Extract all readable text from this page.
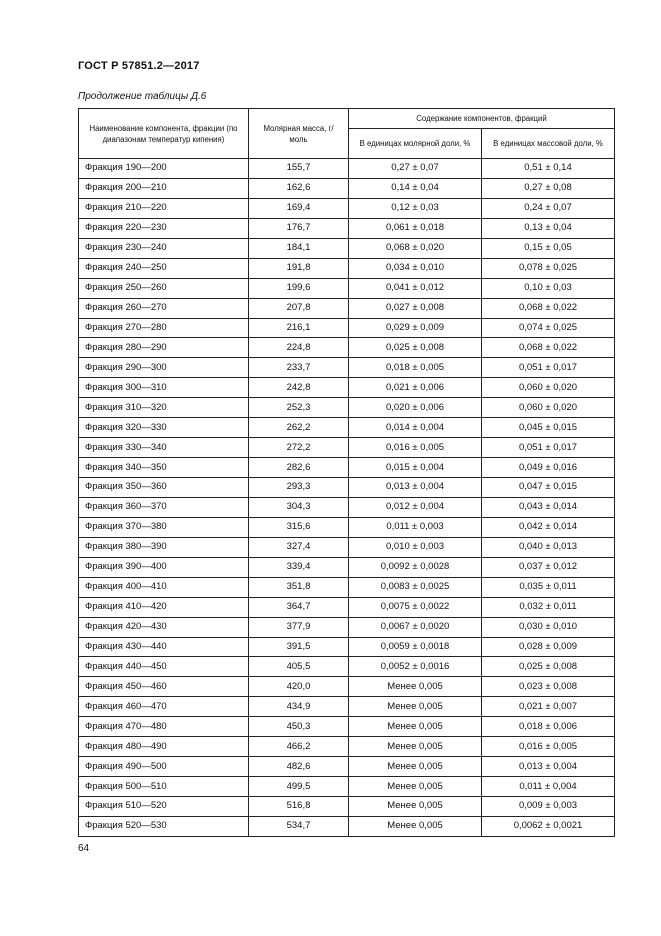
ГОСТ Р 57851.2—2017
Продолжение таблицы Д.6
Наименование компонента, фракции (по диапазонам температур кипения)	Молярная масса, г/моль	Содержание компонентов, фракций	
		В единицах молярной доли, %	В единицах массовой доли, %
Фракция 190—200	155,7	0,27 ± 0,07	0,51 ± 0,14
Фракция 200—210	162,6	0,14 ± 0,04	0,27 ± 0,08
Фракция 210—220	169,4	0,12 ± 0,03	0,24 ± 0,07
Фракция 220—230	176,7	0,061 ± 0,018	0,13 ± 0,04
Фракция 230—240	184,1	0,068 ± 0,020	0,15 ± 0,05
Фракция 240—250	191,8	0,034 ± 0,010	0,078 ± 0,025
Фракция 250—260	199,6	0,041 ± 0,012	0,10 ± 0,03
Фракция 260—270	207,8	0,027 ± 0,008	0,068 ± 0,022
Фракция 270—280	216,1	0,029 ± 0,009	0,074 ± 0,025
Фракция 280—290	224,8	0,025 ± 0,008	0,068 ± 0,022
Фракция 290—300	233,7	0,018 ± 0,005	0,051 ± 0,017
Фракция 300—310	242,8	0,021 ± 0,006	0,060 ± 0,020
Фракция 310—320	252,3	0,020 ± 0,006	0,060 ± 0,020
Фракция 320—330	262,2	0,014 ± 0,004	0,045 ± 0,015
Фракция 330—340	272,2	0,016 ± 0,005	0,051 ± 0,017
Фракция 340—350	282,6	0,015 ± 0,004	0,049 ± 0,016
Фракция 350—360	293,3	0,013 ± 0,004	0,047 ± 0,015
Фракция 360—370	304,3	0,012 ± 0,004	0,043 ± 0,014
Фракция 370—380	315,6	0,011 ± 0,003	0,042 ± 0,014
Фракция 380—390	327,4	0,010 ± 0,003	0,040 ± 0,013
Фракция 390—400	339,4	0,0092 ± 0,0028	0,037 ± 0,012
Фракция 400—410	351,8	0,0083 ± 0,0025	0,035 ± 0,011
Фракция 410—420	364,7	0,0075 ± 0,0022	0,032 ± 0,011
Фракция 420—430	377,9	0,0067 ± 0,0020	0,030 ± 0,010
Фракция 430—440	391,5	0,0059 ± 0,0018	0,028 ± 0,009
Фракция 440—450	405,5	0,0052 ± 0,0016	0,025 ± 0,008
Фракция 450—460	420,0	Менее 0,005	0,023 ± 0,008
Фракция 460—470	434,9	Менее 0,005	0,021 ± 0,007
Фракция 470—480	450,3	Менее 0,005	0,018 ± 0,006
Фракция 480—490	466,2	Менее 0,005	0,016 ± 0,005
Фракция 490—500	482,6	Менее 0,005	0,013 ± 0,004
Фракция 500—510	499,5	Менее 0,005	0,011 ± 0,004
Фракция 510—520	516,8	Менее 0,005	0,009 ± 0,003
Фракция 520—530	534,7	Менее 0,005	0,0062 ± 0,0021
64
